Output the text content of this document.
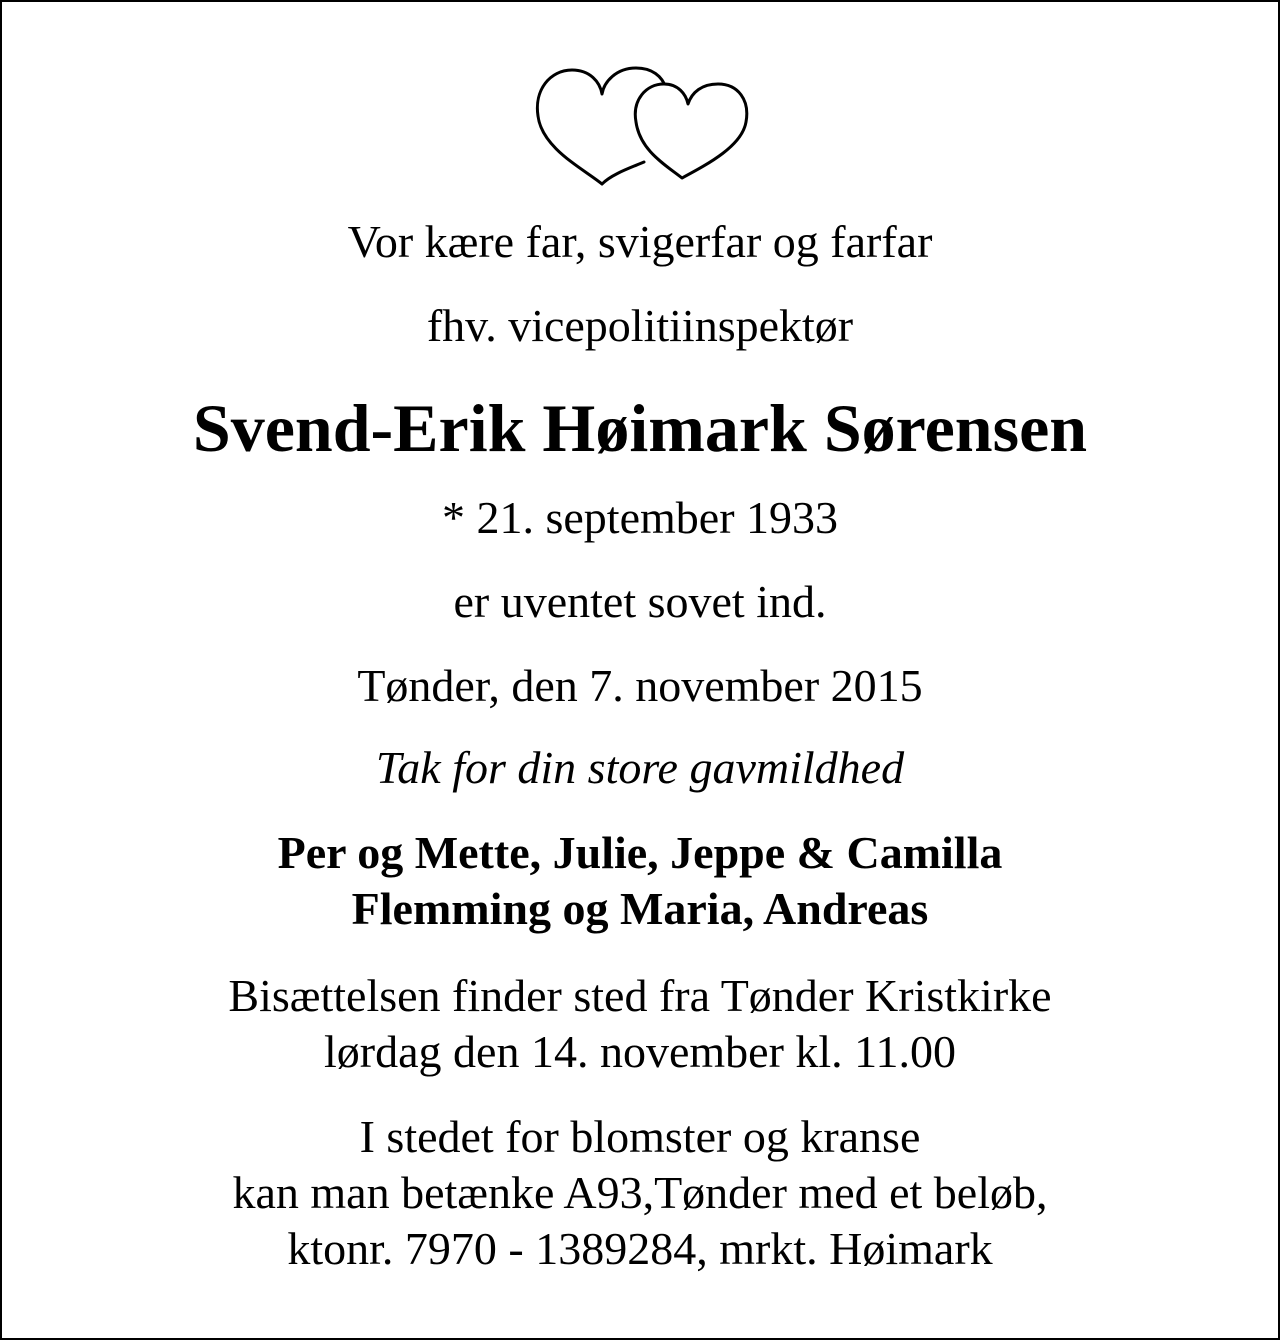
Vor kære far, svigerfar og farfar
fhv. vicepolitiinspektør
Svend-Erik Høimark Sørensen
* 21. september 1933
er uventet sovet ind.
Tønder, den 7. november 2015
Tak for din store gavmildhed
Per og Mette, Julie, Jeppe & Camilla
Flemming og Maria, Andreas
Bisættelsen finder sted fra Tønder Kristkirke
lørdag den 14. november kl. 11.00
I stedet for blomster og kranse
kan man betænke A93,Tønder med et beløb,
ktonr. 7970 - 1389284, mrkt. Høimark
